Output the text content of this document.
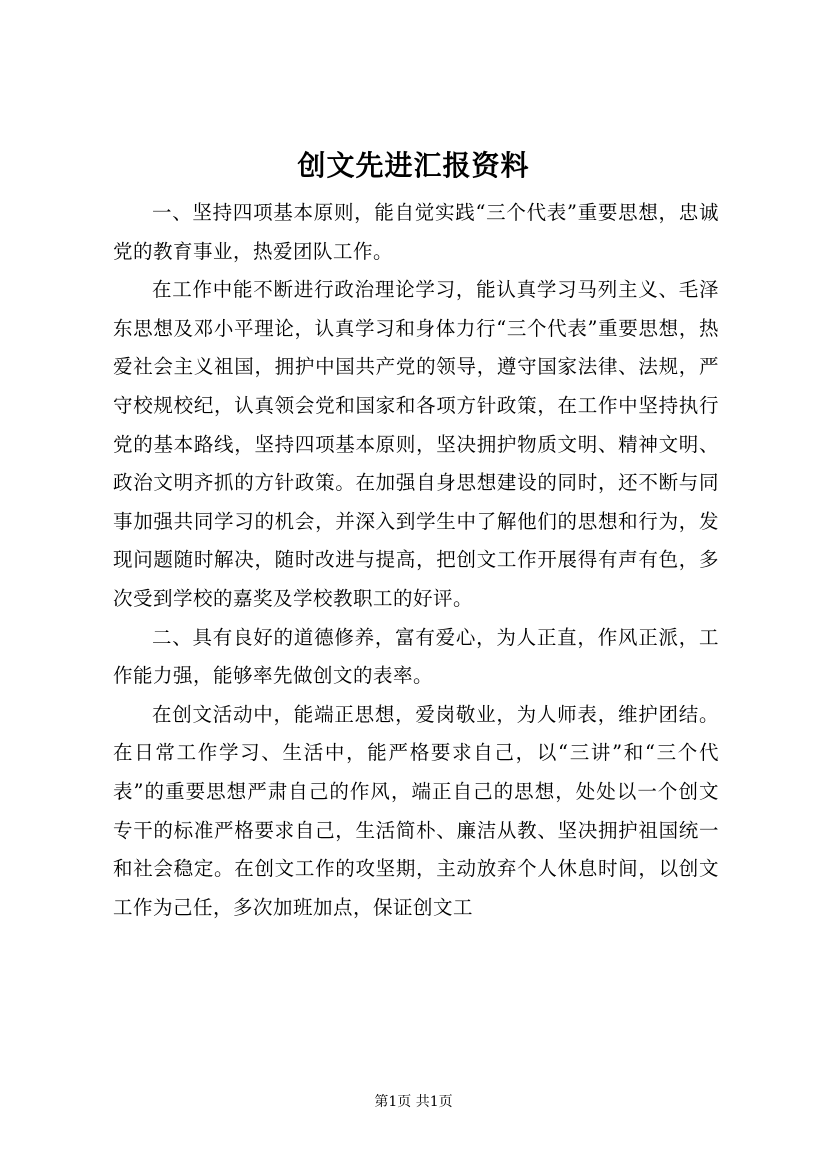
创文先进汇报资料

一、坚持四项基本原则，能自觉实践“三个代表”重要思想，忠诚党的教育事业，热爱团队工作。

在工作中能不断进行政治理论学习，能认真学习马列主义、毛泽东思想及邓小平理论，认真学习和身体力行“三个代表”重要思想，热爱社会主义祖国，拥护中国共产党的领导，遵守国家法律、法规，严守校规校纪，认真领会党和国家和各项方针政策，在工作中坚持执行党的基本路线，坚持四项基本原则，坚决拥护物质文明、精神文明、政治文明齐抓的方针政策。在加强自身思想建设的同时，还不断与同事加强共同学习的机会，并深入到学生中了解他们的思想和行为，发现问题随时解决，随时改进与提高，把创文工作开展得有声有色，多次受到学校的嘉奖及学校教职工的好评。

二、具有良好的道德修养，富有爱心，为人正直，作风正派，工作能力强，能够率先做创文的表率。

在创文活动中，能端正思想，爱岗敬业，为人师表，维护团结。在日常工作学习、生活中，能严格要求自己，以“三讲”和“三个代表”的重要思想严肃自己的作风，端正自己的思想，处处以一个创文专干的标准严格要求自己，生活简朴、廉洁从教、坚决拥护祖国统一和社会稳定。在创文工作的攻坚期，主动放弃个人休息时间，以创文工作为己任，多次加班加点，保证创文工

第1页 共1页
